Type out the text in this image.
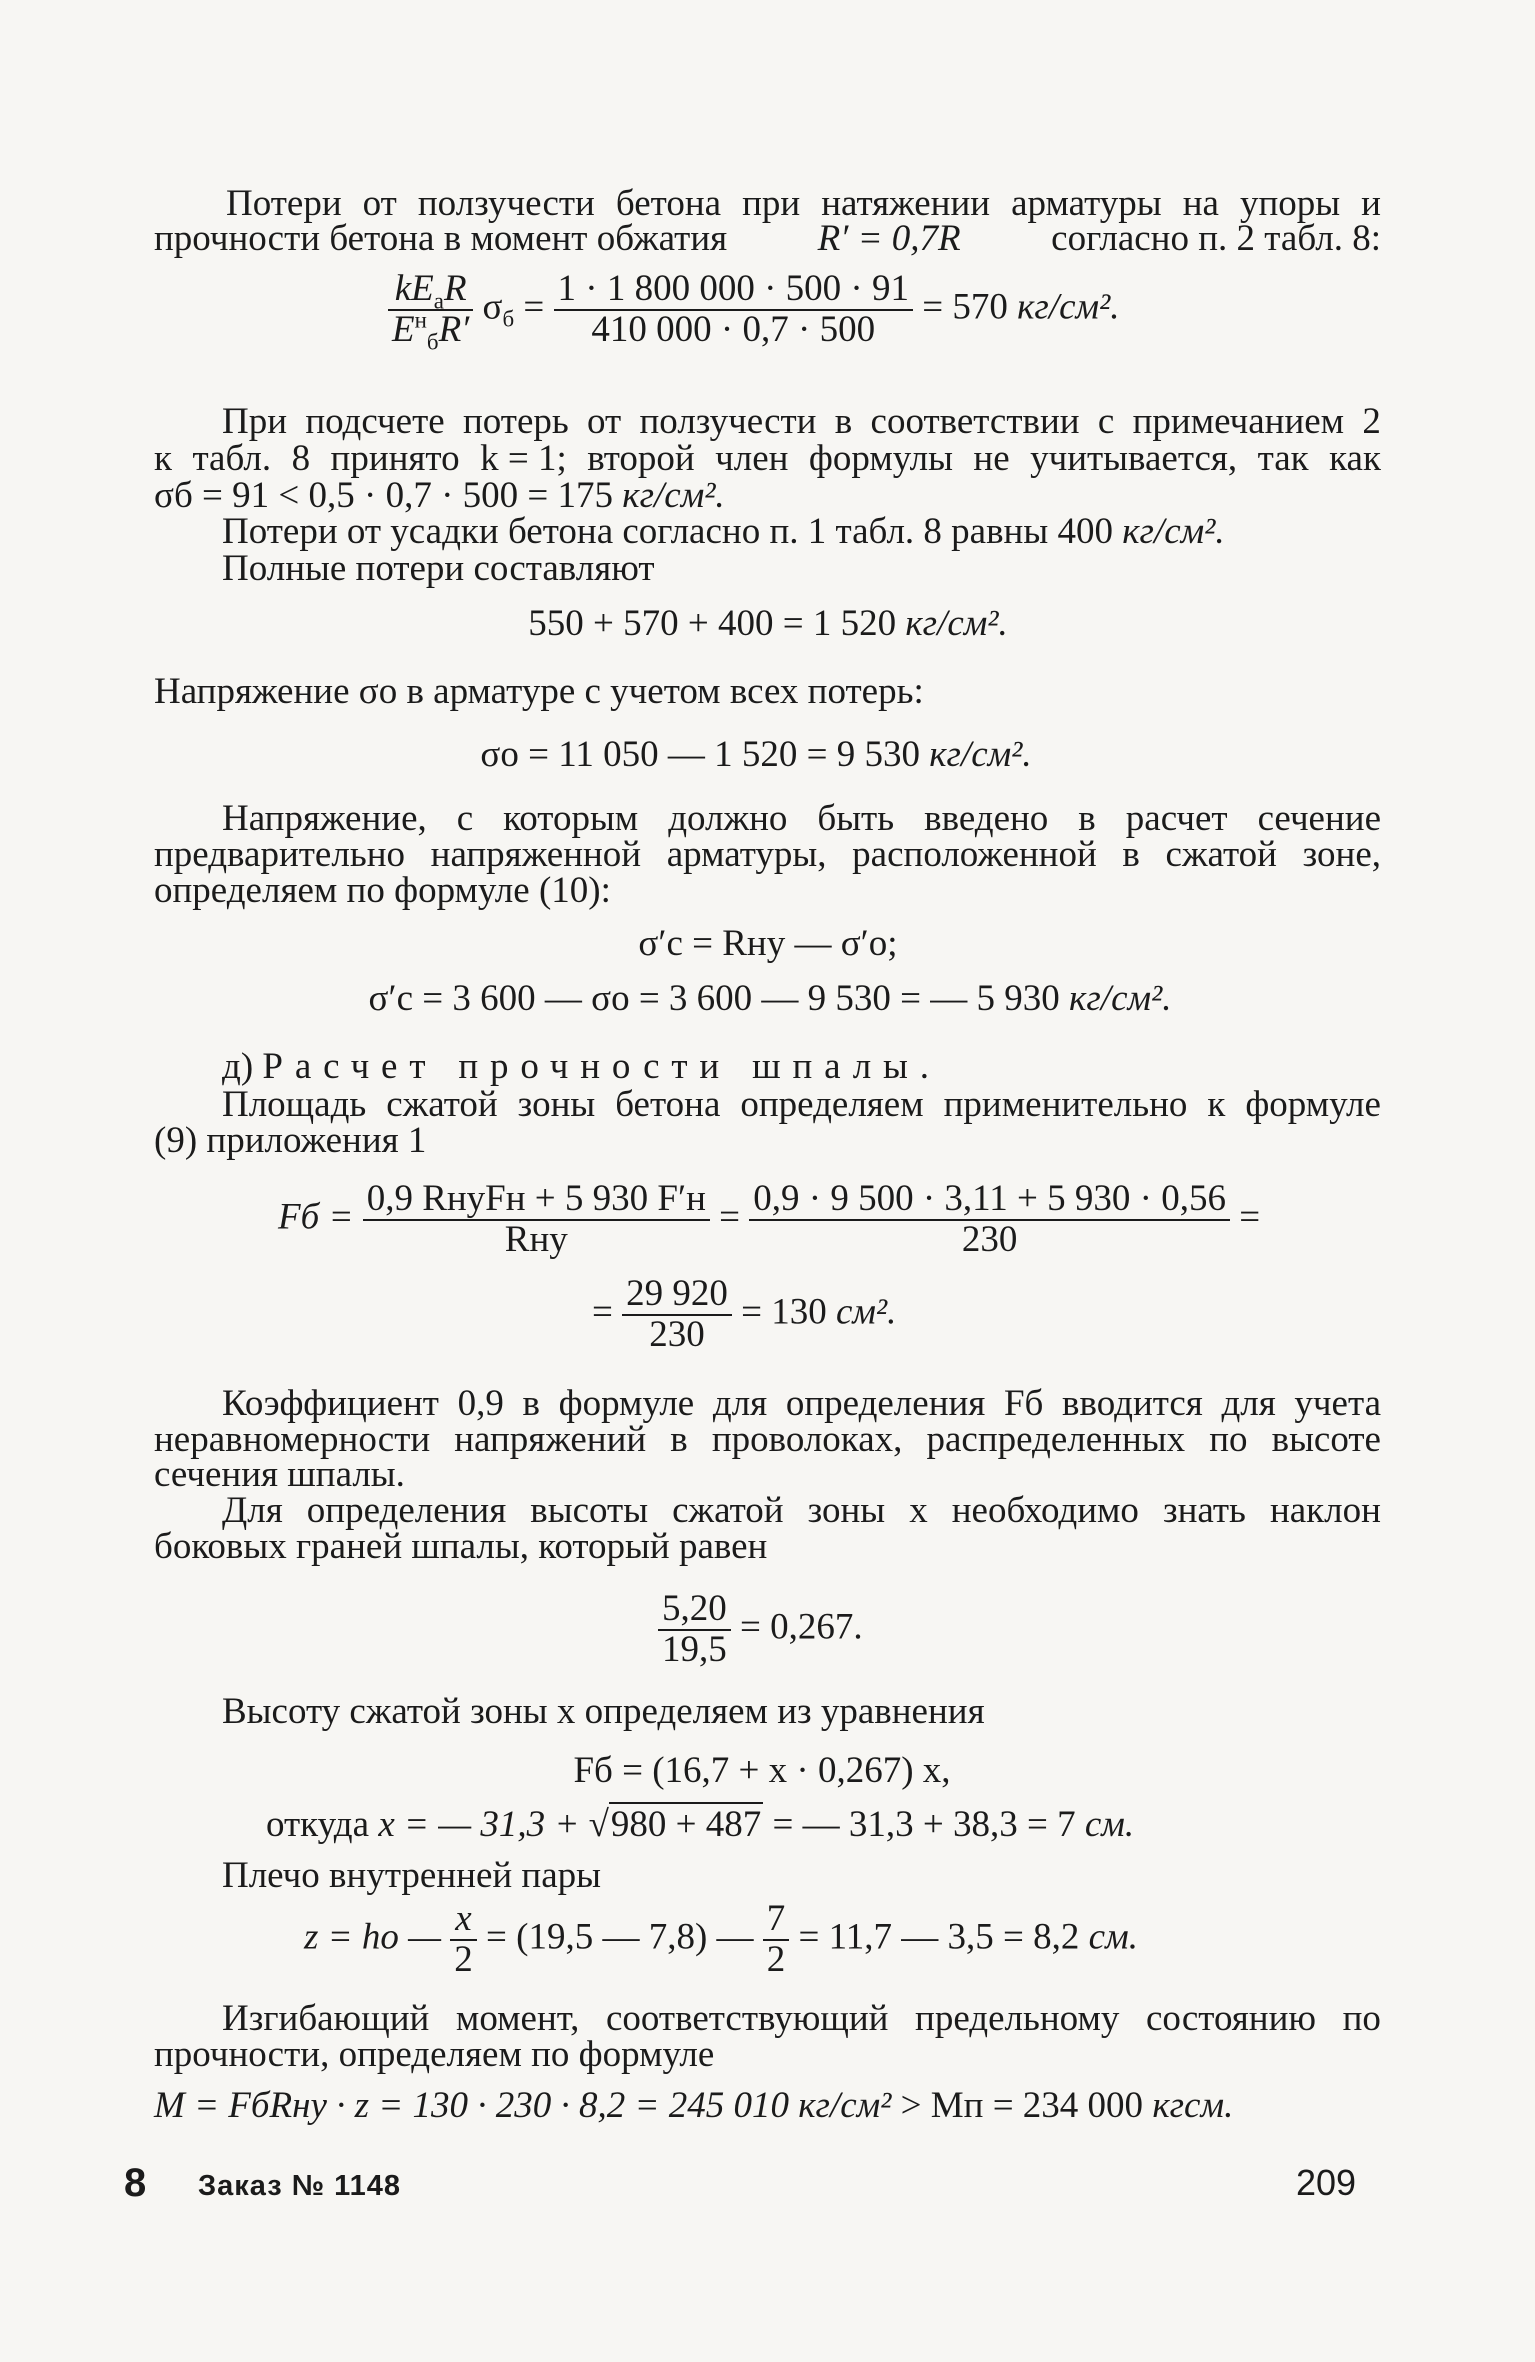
Потери от ползучести бетона при натяжении арматуры на упоры и
прочности бетона в момент обжатия R′ = 0,7R согласно п. 2 табл. 8:
$\frac{kE_aR}{E^н_бR'} \sigma_б = \frac{1 \cdot 1 800 000 \cdot 500 \cdot 91}{410 000 \cdot 0,7 \cdot 500} = 570$ кг/см².
При подсчете потерь от ползучести в соответствии с примечанием 2
к табл. 8 принято k = 1; второй член формулы не учитывается, так как
σб = 91 < 0,5 · 0,7 · 500 = 175 кг/см².
Потери от усадки бетона согласно п. 1 табл. 8 равны 400 кг/см².
Полные потери составляют
550 + 570 + 400 = 1 520 кг/см².
Напряжение σо в арматуре с учетом всех потерь:
σо = 11 050 — 1 520 = 9 530 кг/см².
Напряжение, с которым должно быть введено в расчет сечение
предварительно напряженной арматуры, расположенной в сжатой зоне,
определяем по формуле (10):
σ′с = Rну — σ′о;
σ′с = 3 600 — σо = 3 600 — 9 530 = — 5 930 кг/см².
д) Расчет прочности шпалы.
Площадь сжатой зоны бетона определяем применительно к формуле
(9) приложения 1
Fб = $\frac{\text{0,9 RнуFн + 5 930 F′н}}{\text{Rну}} = \frac{0,9 \cdot 9 500 \cdot 3,11 + 5 930 \cdot 0,56}{230}$ =
= $\frac{29 920}{230} = 130$ см².
Коэффициент 0,9 в формуле для определения Fб вводится для учета
неравномерности напряжений в проволоках, распределенных по высоте
сечения шпалы.
Для определения высоты сжатой зоны x необходимо знать наклон
боковых граней шпалы, который равен
$\frac{5,20}{19,5} = 0,267$.
Высоту сжатой зоны x определяем из уравнения
Fб = (16,7 + x · 0,267) x,
откуда x = — 31,3 + √980 + 487 = — 31,3 + 38,3 = 7 см.
Плечо внутренней пары
z = hо — $\frac{x}{2} = (19,5$ — 7,8) — $\frac{7}{2} = 11,7$ — 3,5 = 8,2 см.
Изгибающий момент, соответствующий предельному состоянию по
прочности, определяем по формуле
M = FбRну · z = 130 · 230 · 8,2 = 245 010 кг/см² > Mп = 234 000 кгсм.
8 Заказ № 1148	209
